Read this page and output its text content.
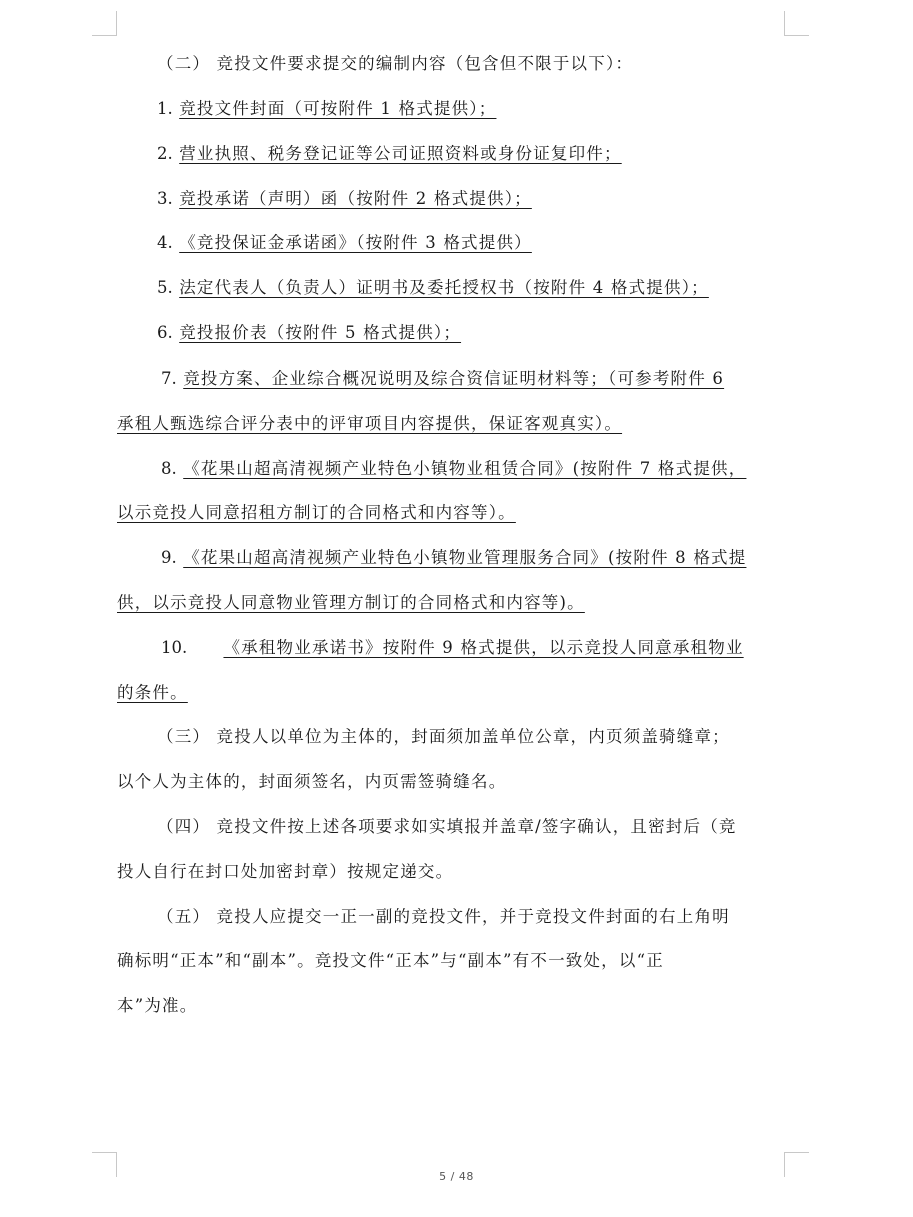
（二） 竞投文件要求提交的编制内容（包含但不限于以下）：
1. 竞投文件封面（可按附件 1 格式提供）；
2. 营业执照、税务登记证等公司证照资料或身份证复印件；
3. 竞投承诺（声明）函（按附件 2 格式提供）；
4. 《竞投保证金承诺函》（按附件 3 格式提供）
5. 法定代表人（负责人）证明书及委托授权书（按附件 4 格式提供）；
6. 竞投报价表（按附件 5 格式提供）；
7. 竞投方案、企业综合概况说明及综合资信证明材料等；（可参考附件 6
承租人甄选综合评分表中的评审项目内容提供，保证客观真实）。
8. 《花果山超高清视频产业特色小镇物业租赁合同》(按附件 7 格式提供，
以示竞投人同意招租方制订的合同格式和内容等）。
9. 《花果山超高清视频产业特色小镇物业管理服务合同》(按附件 8 格式提
供，以示竞投人同意物业管理方制订的合同格式和内容等)。
10. 《承租物业承诺书》按附件 9 格式提供，以示竞投人同意承租物业
的条件。
（三） 竞投人以单位为主体的，封面须加盖单位公章，内页须盖骑缝章；
以个人为主体的，封面须签名，内页需签骑缝名。
（四） 竞投文件按上述各项要求如实填报并盖章/签字确认，且密封后（竞
投人自行在封口处加密封章）按规定递交。
（五） 竞投人应提交一正一副的竞投文件，并于竞投文件封面的右上角明
确标明“正本”和“副本”。竞投文件“正本”与“副本”有不一致处，以“正
本”为准。
5 / 48
